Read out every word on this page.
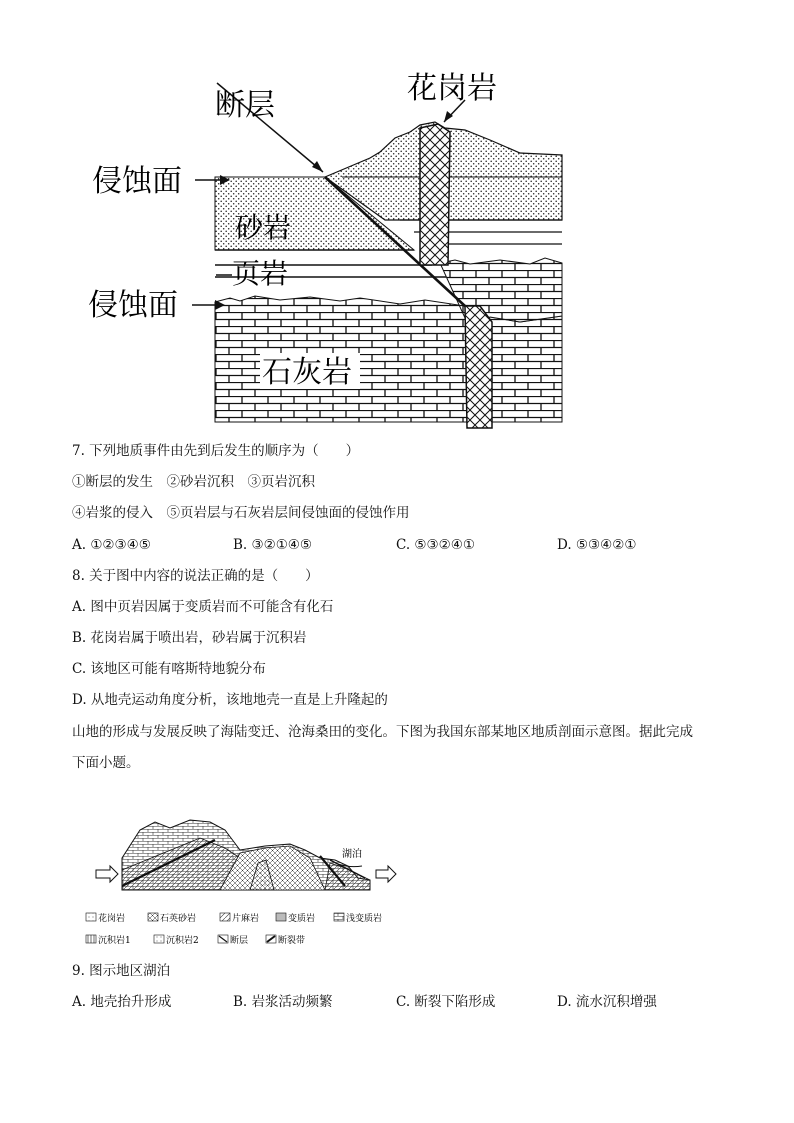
断层	花岗岩
侵蚀面
砂岩
页岩
侵蚀面
石灰岩
7. 下列地质事件由先到后发生的顺序为（　　）
①断层的发生　②砂岩沉积　③页岩沉积
④岩浆的侵入　⑤页岩层与石灰岩层间侵蚀面的侵蚀作用
A. ①②③④⑤	B. ③②①④⑤	C. ⑤③②④①	D. ⑤③④②①
8. 关于图中内容的说法正确的是（　　）
A. 图中页岩因属于变质岩而不可能含有化石
B. 花岗岩属于喷出岩，砂岩属于沉积岩
C. 该地区可能有喀斯特地貌分布
D. 从地壳运动角度分析，该地地壳一直是上升隆起的
山地的形成与发展反映了海陆变迁、沧海桑田的变化。下图为我国东部某地区地质剖面示意图。据此完成
下面小题。
湖泊
花岗岩	石英砂岩	片麻岩	变质岩	浅变质岩
沉积岩1	沉积岩2	断层	断裂带
9. 图示地区湖泊
A. 地壳抬升形成	B. 岩浆活动频繁	C. 断裂下陷形成	D. 流水沉积增强
